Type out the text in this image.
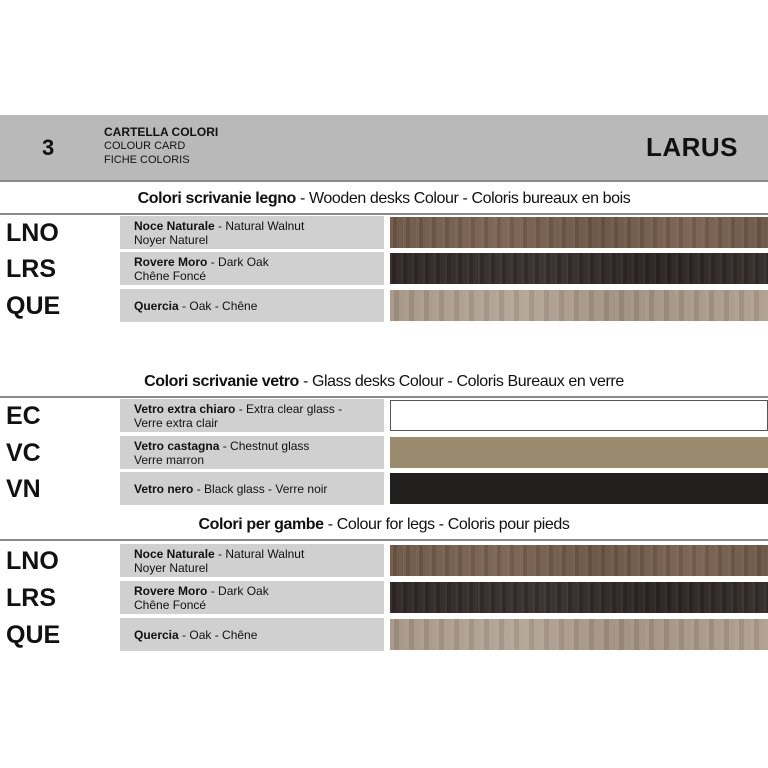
3
CARTELLA COLORI
COLOUR CARD
FICHE COLORIS	LARUS
Colori scrivanie legno - Wooden desks Colour - Coloris bureaux en bois
LNO	Noce Naturale - Natural Walnut
Noyer Naturel
LRS	Rovere Moro - Dark Oak
Chêne Foncé
QUE	Quercia - Oak - Chêne
Colori scrivanie vetro - Glass desks Colour - Coloris Bureaux en verre
EC	Vetro extra chiaro - Extra clear glass -
Verre extra clair
VC	Vetro castagna - Chestnut glass
Verre marron
VN	Vetro nero - Black glass - Verre noir
Colori per gambe - Colour for legs - Coloris pour pieds
LNO	Noce Naturale - Natural Walnut
Noyer Naturel
LRS	Rovere Moro - Dark Oak
Chêne Foncé
QUE	Quercia - Oak - Chêne
